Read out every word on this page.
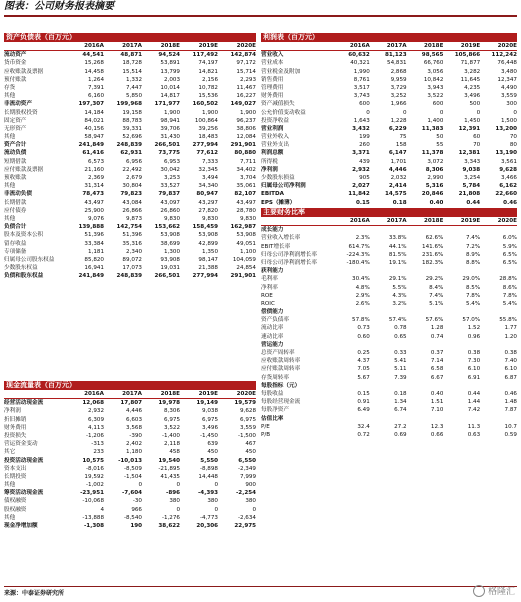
图表：公司财务报表摘要
资产负债表（百万元）
2016A	2017A	2018E	2019E	2020E
流动资产	44,541	48,871	94,524	117,492	142,874
货币资金	15,268	18,728	53,891	74,197	97,172
应收账款及票据	14,458	15,514	13,799	14,821	15,714
预付账款	1,264	1,332	2,003	2,156	2,293
存货	7,391	7,447	10,014	10,782	11,467
其他	6,160	5,850	14,817	15,536	16,227
非流动资产	197,307	199,968	171,977	160,502	149,027
长期股权投资	14,184	19,158	1,900	1,900	1,900
固定资产	84,021	88,783	98,941	100,864	96,237
无形资产	40,156	39,331	39,706	39,256	38,806
其他	58,947	52,696	31,430	18,483	12,084
资产合计	241,849	248,839	266,501	277,994	291,901
流动负债	61,416	62,931	73,775	77,612	80,880
短期借款	6,573	6,956	6,953	7,333	7,711
应付账款及票据	21,160	22,492	30,042	32,345	34,402
预收账款	2,369	2,679	3,253	3,494	3,704
其他	31,314	30,804	33,527	34,340	35,061
非流动负债	78,473	79,823	79,837	80,947	82,107
长期借款	43,497	43,084	43,097	43,297	43,497
应付债券	25,900	26,866	26,860	27,820	28,780
其他	9,076	9,873	9,830	9,830	9,830
负债合计	139,888	142,754	153,662	158,459	162,987
股本及资本公积	51,396	51,396	53,908	53,908	53,908
留存收益	33,384	35,316	38,699	42,899	49,051
专项储备	1,181	2,340	1,300	1,350	1,100
归属母公司股东权益	85,820	89,072	93,908	98,147	104,059
少数股东权益	16,941	17,073	19,031	21,388	24,854
负债和股东权益	241,849	248,839	266,501	277,994	291,901
利润表（百万元）
2016A	2017A	2018E	2019E	2020E
营业收入	60,632	81,123	98,565	105,866	112,242
营业成本	40,321	54,831	66,760	71,877	76,448
营业税金及附加	1,990	2,868	3,056	3,282	3,480
销售费用	8,761	9,959	10,842	11,645	12,347
管理费用	3,517	3,729	3,943	4,235	4,490
财务费用	3,743	3,252	3,522	3,496	3,559
资产减值损失	600	1,966	600	500	300
公允价值变动收益	0	0	0	0	0
投资净收益	1,643	1,228	1,400	1,450	1,500
营业利润	3,432	6,229	11,383	12,391	13,200
营业外收入	199	75	50	60	70
营业外支出	260	158	55	70	80
利润总额	3,371	6,147	11,378	12,381	13,190
所得税	439	1,701	3,072	3,343	3,561
净利润	2,932	4,446	8,306	9,038	9,628
少数股东损益	905	2,032	2,990	3,254	3,466
归属母公司净利润	2,027	2,414	5,316	5,784	6,162
EBITDA	11,842	14,575	20,846	21,808	22,660
EPS（摊薄）	0.15	0.18	0.40	0.44	0.46
主要财务比率
2016A	2017A	2018E	2019E	2020E
成长能力
营业收入增长率	2.3%	33.8%	62.6%	7.4%	6.0%
EBIT增长率	614.7%	44.1%	141.6%	7.2%	5.9%
归母公司净利润增长率	-224.3%	81.5%	231.6%	8.9%	6.5%
归母公司净利润增长率	-180.4%	19.1%	182.3%	8.8%	6.5%
获利能力
毛利率	30.4%	29.1%	29.2%	29.0%	28.8%
净利率	4.8%	5.5%	8.4%	8.5%	8.6%
ROE	2.9%	4.3%	7.4%	7.8%	7.8%
ROIC	2.6%	3.2%	5.1%	5.4%	5.4%
偿债能力
资产负债率	57.8%	57.4%	57.6%	57.0%	55.8%
流动比率	0.73	0.78	1.28	1.52	1.77
速动比率	0.60	0.65	0.74	0.96	1.20
营运能力
总资产周转率	0.25	0.33	0.37	0.38	0.38
应收账款周转率	4.37	5.41	7.14	7.30	7.40
应付账款周转率	7.05	5.11	6.58	6.10	6.10
存货周转率	5.67	7.39	6.67	6.91	6.87
每股指标（元）
每股收益	0.15	0.18	0.40	0.44	0.46
每股经营现金流	0.91	1.34	1.51	1.44	1.48
每股净资产	6.49	6.74	7.10	7.42	7.87
估值比率
P/E	32.4	27.2	12.3	11.3	10.7
P/B	0.72	0.69	0.66	0.63	0.59
现金流量表（百万元）
2016A	2017A	2018E	2019E	2020E
经营活动现金流	12,068	17,807	19,978	19,149	19,579
净利润	2,932	4,446	8,306	9,038	9,628
折旧摊销	6,309	6,603	6,975	6,975	6,975
财务费用	4,113	3,568	3,522	3,496	3,559
投资损失	-1,206	-390	-1,400	-1,450	-1,500
营运资金变动	-313	2,402	2,118	639	467
其它	233	1,180	458	450	450
投资活动现金流	10,575	-10,013	19,540	5,550	6,550
资本支出	-8,016	-8,509	-21,895	-8,898	-2,349
长期投资	19,592	-1,504	41,435	14,448	7,999
其他	-1,002	0	0	0	900
筹资活动现金流	-23,951	-7,604	-896	-4,393	-2,254
债权融资	-10,068	-30	380	380	380
股权融资	4	966	0	0	0
其他	-13,888	-8,540	-1,276	-4,773	-2,634
现金净增加额	-1,308	190	38,622	20,306	22,975
来源：中泰证券研究所	格隆汇
